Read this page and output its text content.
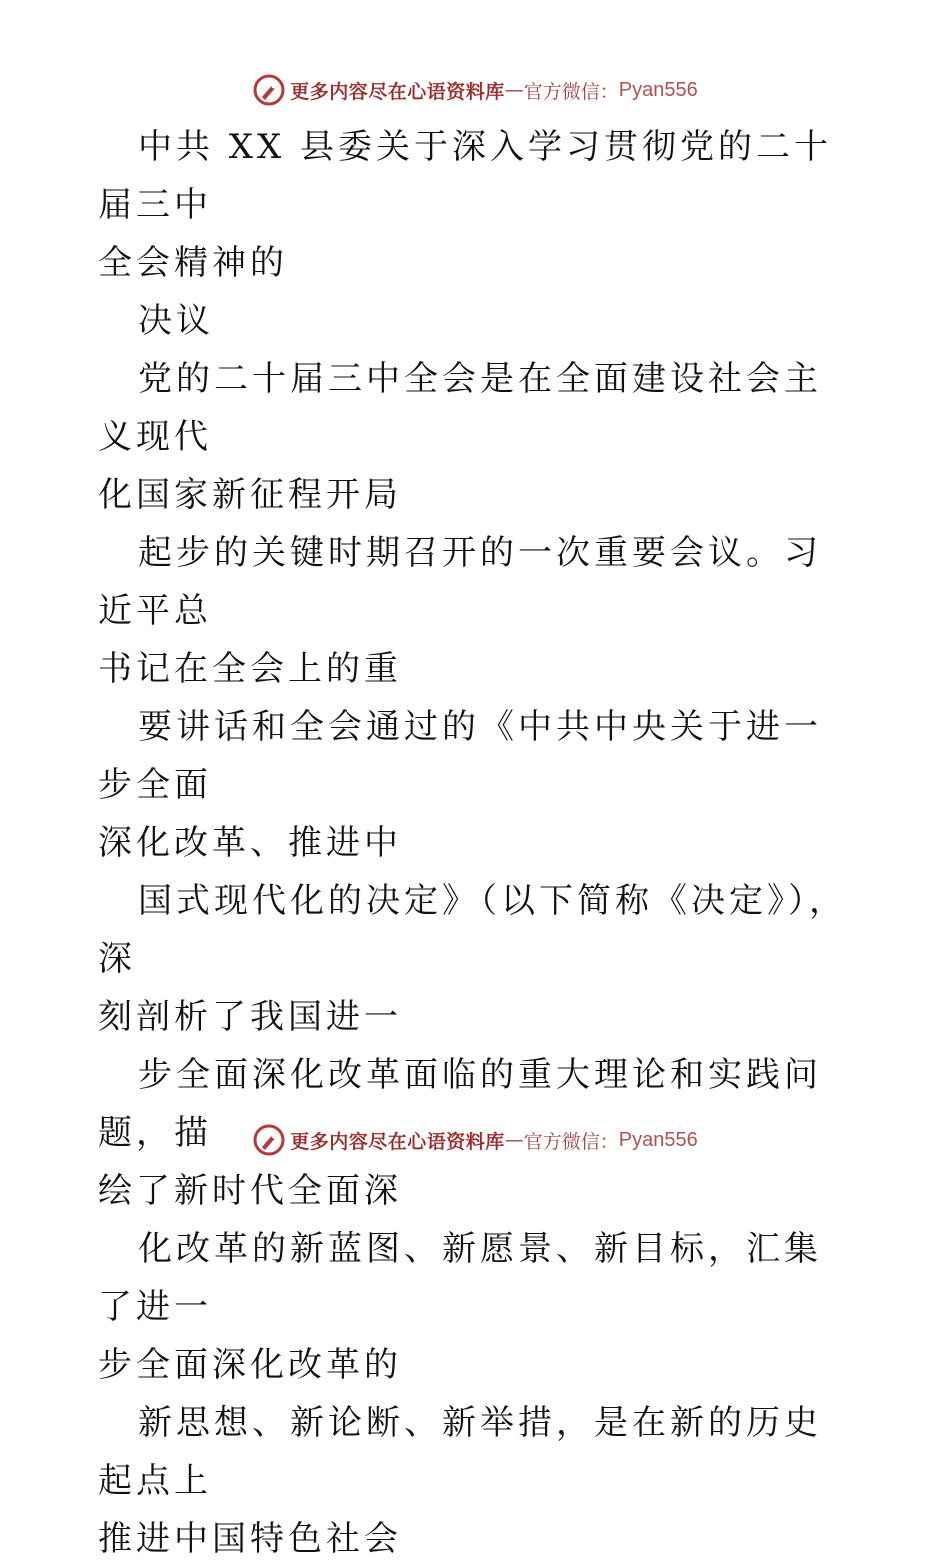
更多内容尽在心语资料库 — 官方微信： Pyan556

中共 XX 县委关于深入学习贯彻党的二十届三中
全会精神的

决议

党的二十届三中全会是在全面建设社会主义现代
化国家新征程开局

起步的关键时期召开的一次重要会议。习近平总
书记在全会上的重

要讲话和全会通过的《中共中央关于进一步全面
深化改革、推进中

国式现代化的决定》（以下简称《决定》），深
刻剖析了我国进一

步全面深化改革面临的重大理论和实践问题，描
绘了新时代全面深

化改革的新蓝图、新愿景、新目标，汇集了进一
步全面深化改革的

新思想、新论断、新举措，是在新的历史起点上
推进中国特色社会

更多内容尽在心语资料库 — 官方微信： Pyan556
